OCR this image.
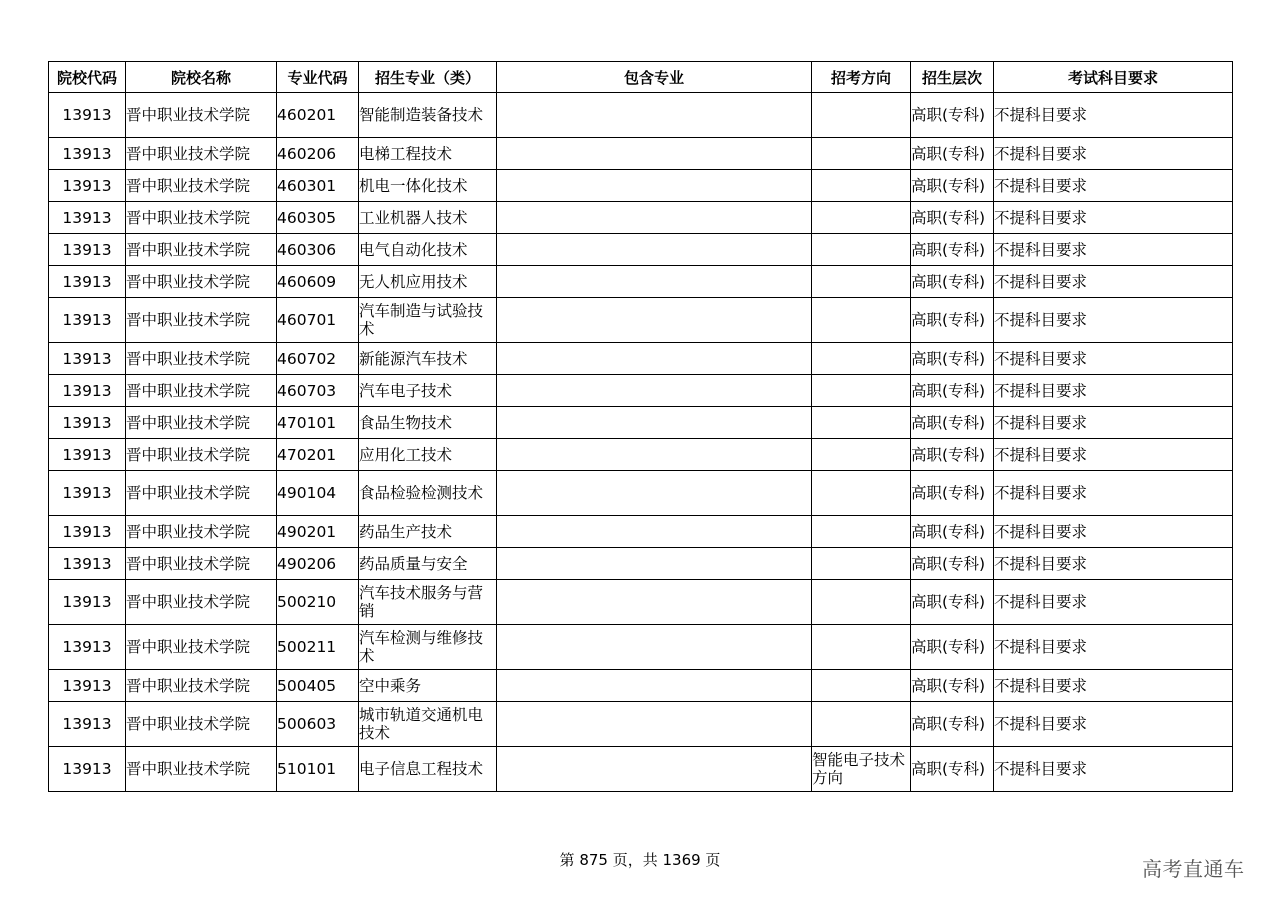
院校代码	院校名称	专业代码	招生专业（类）	包含专业	招考方向	招生层次	考试科目要求
13913	晋中职业技术学院	460201	智能制造装备技术			高职(专科)	不提科目要求
13913	晋中职业技术学院	460206	电梯工程技术			高职(专科)	不提科目要求
13913	晋中职业技术学院	460301	机电一体化技术			高职(专科)	不提科目要求
13913	晋中职业技术学院	460305	工业机器人技术			高职(专科)	不提科目要求
13913	晋中职业技术学院	460306	电气自动化技术			高职(专科)	不提科目要求
13913	晋中职业技术学院	460609	无人机应用技术			高职(专科)	不提科目要求
13913	晋中职业技术学院	460701	汽车制造与试验技术			高职(专科)	不提科目要求
13913	晋中职业技术学院	460702	新能源汽车技术			高职(专科)	不提科目要求
13913	晋中职业技术学院	460703	汽车电子技术			高职(专科)	不提科目要求
13913	晋中职业技术学院	470101	食品生物技术			高职(专科)	不提科目要求
13913	晋中职业技术学院	470201	应用化工技术			高职(专科)	不提科目要求
13913	晋中职业技术学院	490104	食品检验检测技术			高职(专科)	不提科目要求
13913	晋中职业技术学院	490201	药品生产技术			高职(专科)	不提科目要求
13913	晋中职业技术学院	490206	药品质量与安全			高职(专科)	不提科目要求
13913	晋中职业技术学院	500210	汽车技术服务与营销			高职(专科)	不提科目要求
13913	晋中职业技术学院	500211	汽车检测与维修技术			高职(专科)	不提科目要求
13913	晋中职业技术学院	500405	空中乘务			高职(专科)	不提科目要求
13913	晋中职业技术学院	500603	城市轨道交通机电技术			高职(专科)	不提科目要求
13913	晋中职业技术学院	510101	电子信息工程技术		智能电子技术方向	高职(专科)	不提科目要求
第 875 页，共 1369 页	高考直通车
